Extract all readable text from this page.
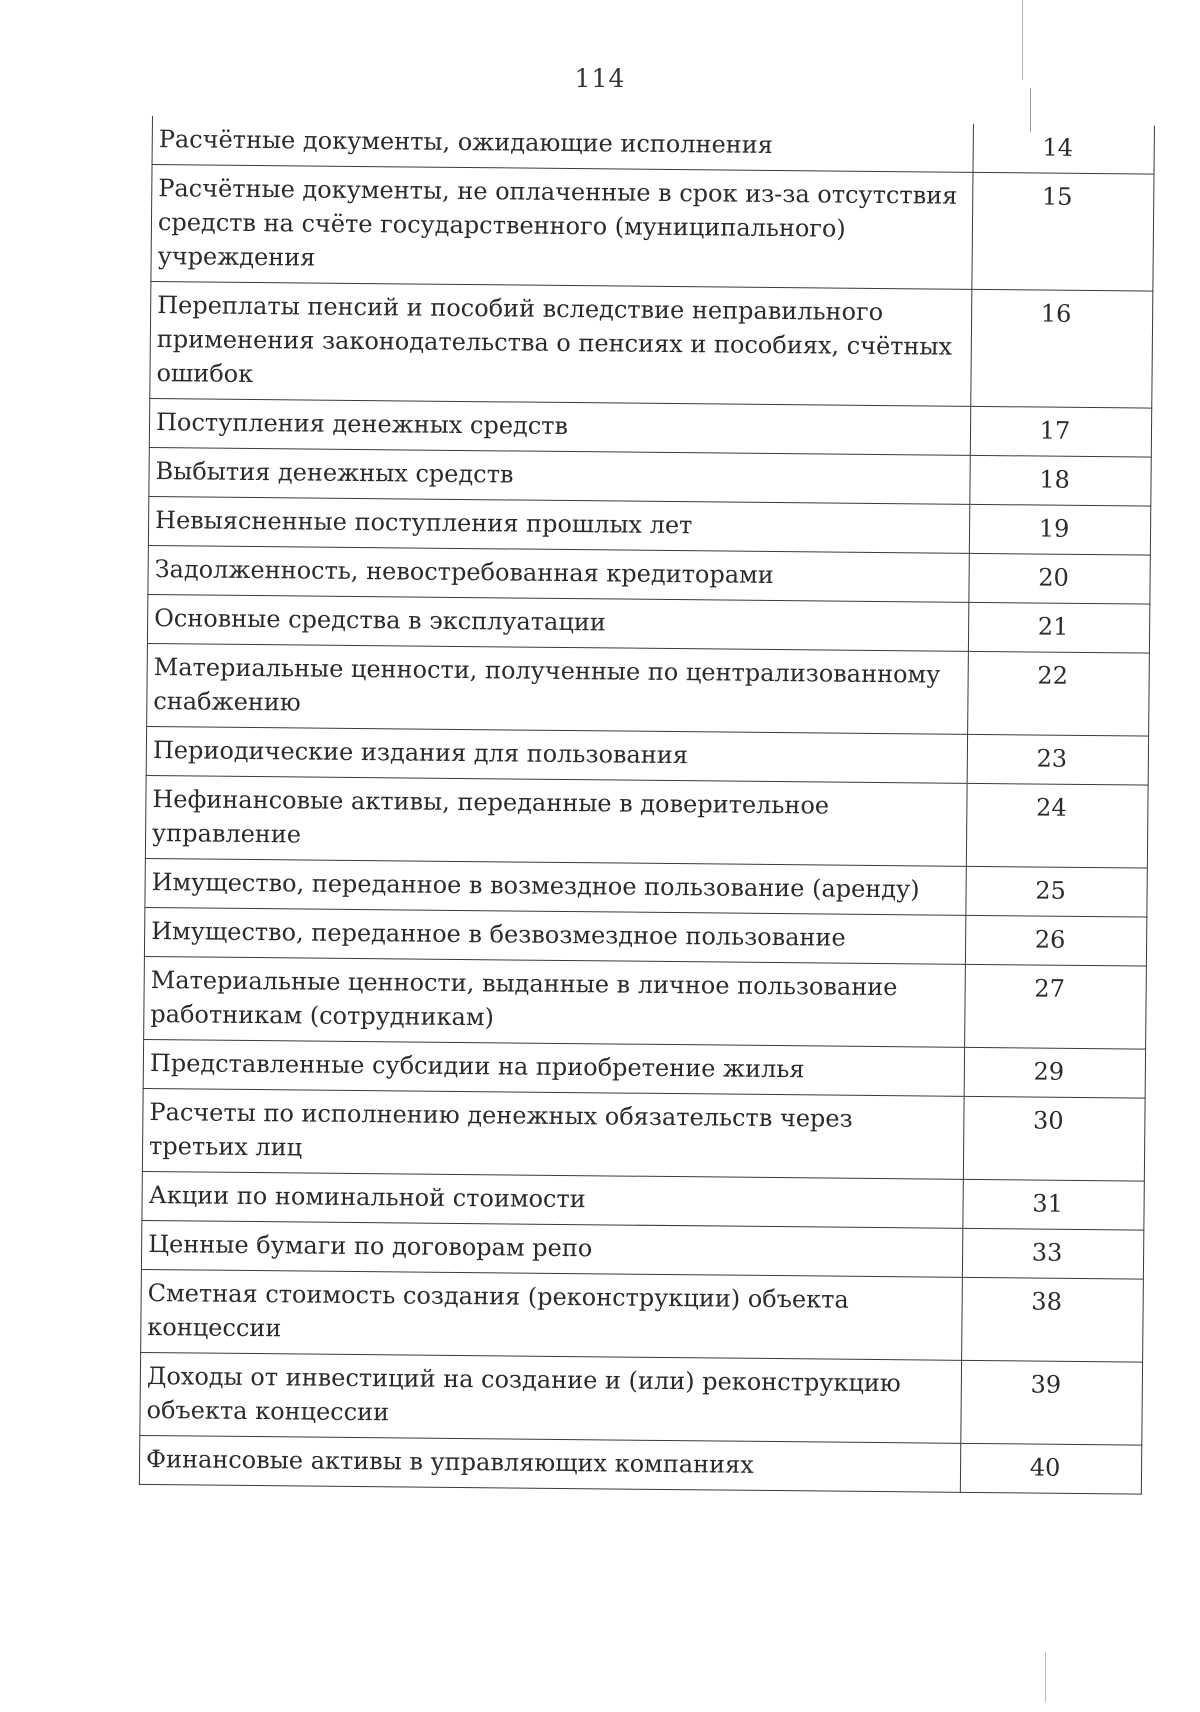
114
Расчётные документы, ожидающие исполнения	14
Расчётные документы, не оплаченные в срок из-за отсутствия средств на счёте государственного (муниципального) учреждения	15
Переплаты пенсий и пособий вследствие неправильного применения законодательства о пенсиях и пособиях, счётных ошибок	16
Поступления денежных средств	17
Выбытия денежных средств	18
Невыясненные поступления прошлых лет	19
Задолженность, невостребованная кредиторами	20
Основные средства в эксплуатации	21
Материальные ценности, полученные по централизованному снабжению	22
Периодические издания для пользования	23
Нефинансовые активы, переданные в доверительное управление	24
Имущество, переданное в возмездное пользование (аренду)	25
Имущество, переданное в безвозмездное пользование	26
Материальные ценности, выданные в личное пользование работникам (сотрудникам)	27
Представленные субсидии на приобретение жилья	29
Расчеты по исполнению денежных обязательств через третьих лиц	30
Акции по номинальной стоимости	31
Ценные бумаги по договорам репо	33
Сметная стоимость создания (реконструкции) объекта концессии	38
Доходы от инвестиций на создание и (или) реконструкцию объекта концессии	39
Финансовые активы в управляющих компаниях	40
